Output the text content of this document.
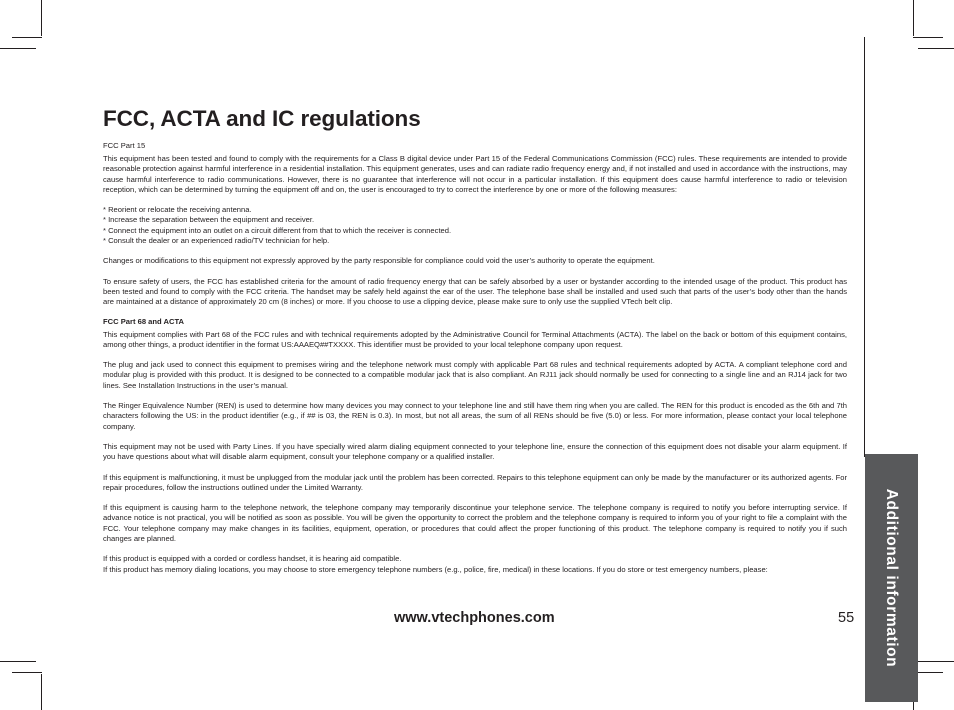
Additional information
FCC, ACTA and IC regulations
FCC Part 15

This equipment has been tested and found to comply with the requirements for a Class B digital device under Part 15 of the Federal Communications Commission (FCC) rules. These requirements are intended to provide reasonable protection against harmful interference in a residential installation. This equipment generates, uses and can radiate radio frequency energy and, if not installed and used in accordance with the instructions, may cause harmful interference to radio communications. However, there is no guarantee that interference will not occur in a particular installation. If this equipment does cause harmful interference to radio or television reception, which can be determined by turning the equipment off and on, the user is encouraged to try to correct the interference by one or more of the following measures:

* Reorient or relocate the receiving antenna.

* Increase the separation between the equipment and receiver.

* Connect the equipment into an outlet on a circuit different from that to which the receiver is connected.

* Consult the dealer or an experienced radio/TV technician for help.

Changes or modifications to this equipment not expressly approved by the party responsible for compliance could void the user’s authority to operate the equipment.

To ensure safety of users, the FCC has established criteria for the amount of radio frequency energy that can be safely absorbed by a user or bystander according to the intended usage of the product. This product has been tested and found to comply with the FCC criteria. The handset may be safely held against the ear of the user. The telephone base shall be installed and used such that parts of the user’s body other than the hands are maintained at a distance of approximately 20 cm (8 inches) or more. If you choose to use a clipping device, please make sure to only use the supplied VTech belt clip.

FCC Part 68 and ACTA

This equipment complies with Part 68 of the FCC rules and with technical requirements adopted by the Administrative Council for Terminal Attachments (ACTA). The label on the back or bottom of this equipment contains, among other things, a product identifier in the format US:AAAEQ##TXXXX. This identifier must be provided to your local telephone company upon request.

The plug and jack used to connect this equipment to premises wiring and the telephone network must comply with applicable Part 68 rules and technical requirements adopted by ACTA. A compliant telephone cord and modular plug is provided with this product. It is designed to be connected to a compatible modular jack that is also compliant. An RJ11 jack should normally be used for connecting to a single line and an RJ14 jack for two lines. See Installation Instructions in the user’s manual.

The Ringer Equivalence Number (REN) is used to determine how many devices you may connect to your telephone line and still have them ring when you are called. The REN for this product is encoded as the 6th and 7th characters following the US: in the product identifier (e.g., if ## is 03, the REN is 0.3). In most, but not all areas, the sum of all RENs should be five (5.0) or less. For more information, please contact your local telephone company.

This equipment may not be used with Party Lines. If you have specially wired alarm dialing equipment connected to your telephone line, ensure the connection of this equipment does not disable your alarm equipment. If you have questions about what will disable alarm equipment, consult your telephone company or a qualified installer.

If this equipment is malfunctioning, it must be unplugged from the modular jack until the problem has been corrected. Repairs to this telephone equipment can only be made by the manufacturer or its authorized agents. For repair procedures, follow the instructions outlined under the Limited Warranty.

If this equipment is causing harm to the telephone network, the telephone company may temporarily discontinue your telephone service. The telephone company is required to notify you before interrupting service. If advance notice is not practical, you will be notified as soon as possible. You will be given the opportunity to correct the problem and the telephone company is required to inform you of your right to file a complaint with the FCC. Your telephone company may make changes in its facilities, equipment, operation, or procedures that could affect the proper functioning of this product. The telephone company is required to notify you if such changes are planned.

If this product is equipped with a corded or cordless handset, it is hearing aid compatible.

If this product has memory dialing locations, you may choose to store emergency telephone numbers (e.g., police, fire, medical) in these locations. If you do store or test emergency numbers, please:

www.vtechphones.com	55
